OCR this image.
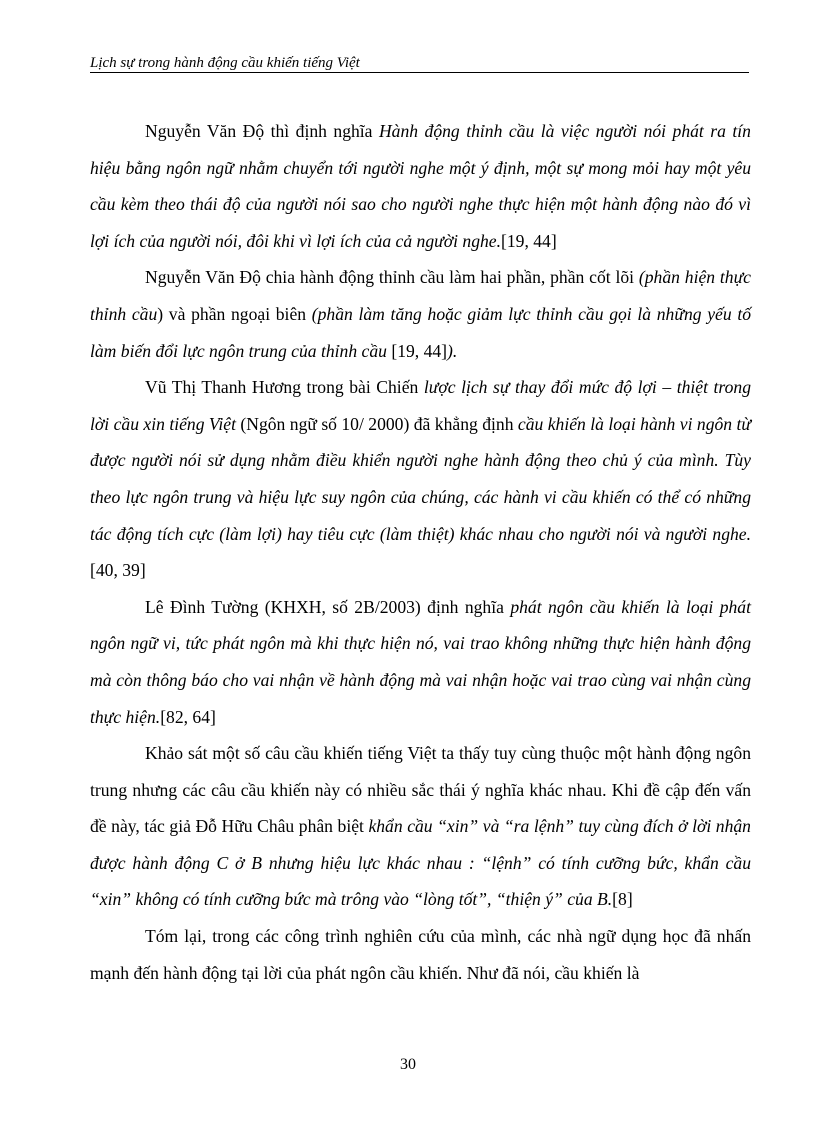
Lịch sự trong hành động cầu khiến tiếng Việt

Nguyễn Văn Độ thì định nghĩa Hành động thỉnh cầu là việc người nói phát ra tín hiệu bằng ngôn ngữ nhằm chuyển tới người nghe một ý định, một sự mong mỏi hay một yêu cầu kèm theo thái độ của người nói sao cho người nghe thực hiện một hành động nào đó vì lợi ích của người nói, đôi khi vì lợi ích của cả người nghe.[19, 44]

Nguyễn Văn Độ chia hành động thỉnh cầu làm hai phần, phần cốt lõi (phần hiện thực thỉnh cầu) và phần ngoại biên (phần làm tăng hoặc giảm lực thỉnh cầu gọi là những yếu tố làm biến đổi lực ngôn trung của thỉnh cầu [19, 44]).

Vũ Thị Thanh Hương trong bài Chiến lược lịch sự thay đổi mức độ lợi – thiệt trong lời cầu xin tiếng Việt (Ngôn ngữ số 10/ 2000) đã khẳng định cầu khiến là loại hành vi ngôn từ được người nói sử dụng nhằm điều khiển người nghe hành động theo chủ ý của mình. Tùy theo lực ngôn trung và hiệu lực suy ngôn của chúng, các hành vi cầu khiến có thể có những tác động tích cực (làm lợi) hay tiêu cực (làm thiệt) khác nhau cho người nói và người nghe. [40, 39]

Lê Đình Tường (KHXH, số 2B/2003) định nghĩa phát ngôn cầu khiến là loại phát ngôn ngữ vi, tức phát ngôn mà khi thực hiện nó, vai trao không những thực hiện hành động mà còn thông báo cho vai nhận về hành động mà vai nhận hoặc vai trao cùng vai nhận cùng thực hiện.[82, 64]

Khảo sát một số câu cầu khiến tiếng Việt ta thấy tuy cùng thuộc một hành động ngôn trung nhưng các câu cầu khiến này có nhiều sắc thái ý nghĩa khác nhau. Khi đề cập đến vấn đề này, tác giả Đỗ Hữu Châu phân biệt khẩn cầu “xin” và “ra lệnh” tuy cùng đích ở lời nhận được hành động C ở B nhưng hiệu lực khác nhau : “lệnh” có tính cưỡng bức, khẩn cầu “xin” không có tính cưỡng bức mà trông vào “lòng tốt”, “thiện ý” của B.[8]

Tóm lại, trong các công trình nghiên cứu của mình, các nhà ngữ dụng học đã nhấn mạnh đến hành động tại lời của phát ngôn cầu khiến. Như đã nói, cầu khiến là

30
